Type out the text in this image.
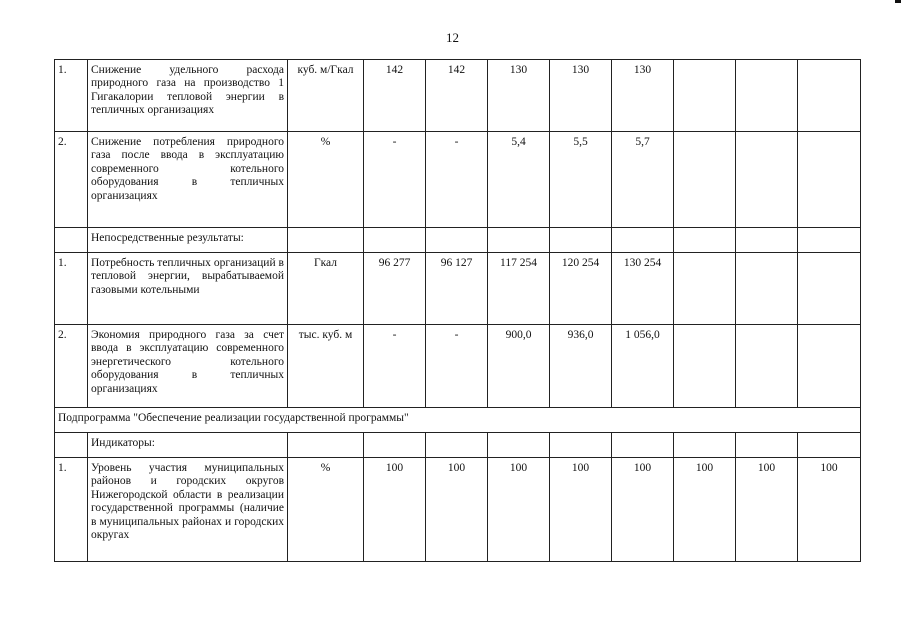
12
1.	Снижение удельного расхода природного газа на производство 1 Гигакалории тепловой энергии в тепличных организациях	куб. м/Гкал	142	142	130	130	130			
2.	Снижение потребления природного газа после ввода в эксплуатацию современного котельного оборудования в тепличных организациях	%	-	-	5,4	5,5	5,7			
	Непосредственные результаты:									
1.	Потребность тепличных организаций в тепловой энергии, вырабатываемой газовыми котельными	Гкал	96 277	96 127	117 254	120 254	130 254			
2.	Экономия природного газа за счет ввода в эксплуатацию современного энергетического котельного оборудования в тепличных организациях	тыс. куб. м	-	-	900,0	936,0	1 056,0			
Подпрограмма "Обеспечение реализации государственной программы"										
	Индикаторы:									
1.	Уровень участия муниципальных районов и городских округов Нижегородской области в реализации государственной программы (наличие в муниципальных районах и городских округах	%	100	100	100	100	100	100	100	100
